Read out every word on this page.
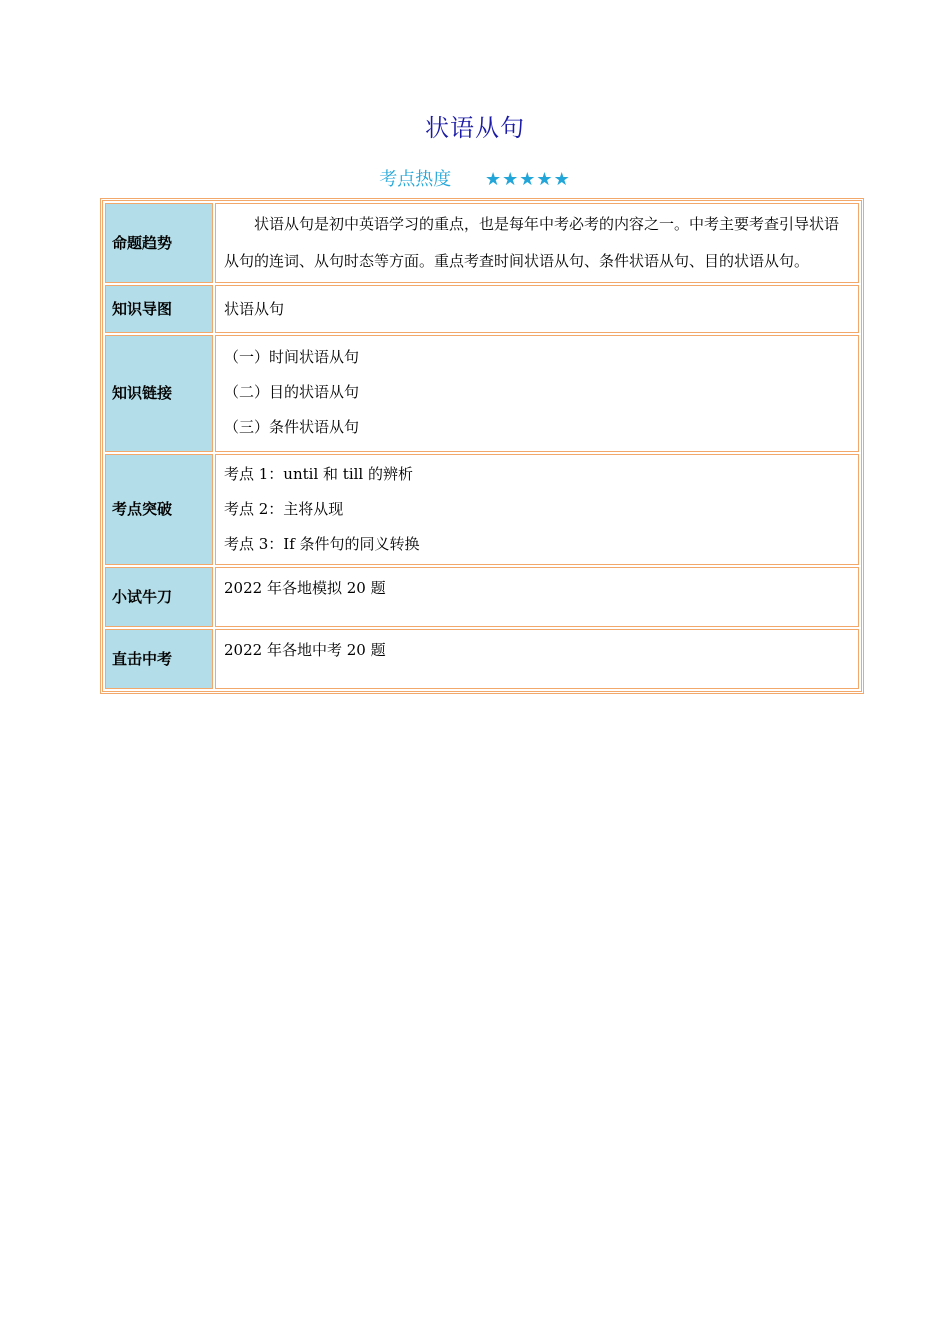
状语从句
考点热度 ★★★★★
命题趋势	状语从句是初中英语学习的重点，也是每年中考必考的内容之一。中考主要考查引导状语从句的连词、从句时态等方面。重点考查时间状语从句、条件状语从句、目的状语从句。

知识导图	状语从句

知识链接	（一）时间状语从句

（二）目的状语从句

（三）条件状语从句

考点突破	考点 1：until 和 till 的辨析

考点 2：主将从现

考点 3：If 条件句的同义转换

小试牛刀	2022 年各地模拟 20 题

直击中考	2022 年各地中考 20 题
